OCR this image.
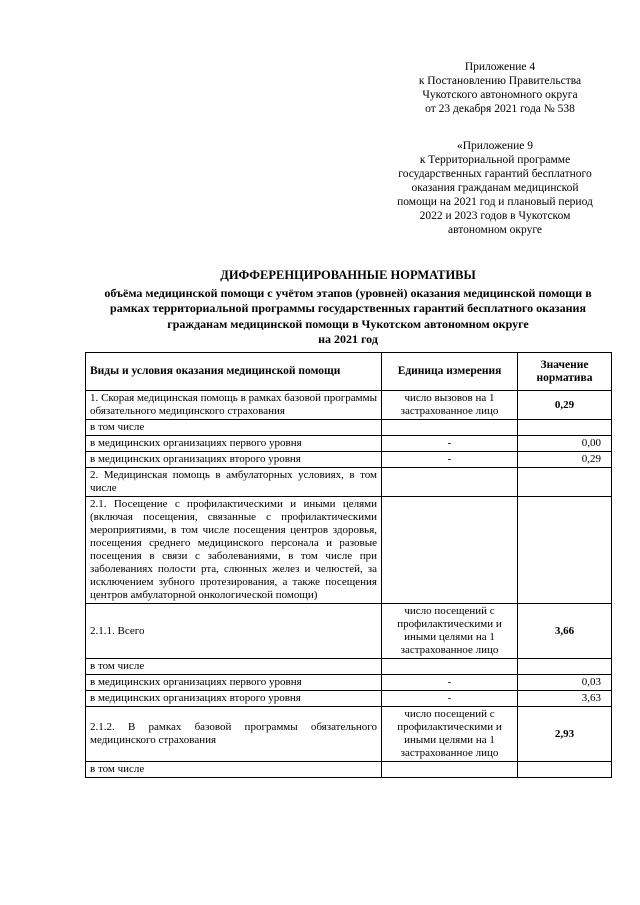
Приложение 4
к Постановлению Правительства
Чукотского автономного округа
от 23 декабря 2021 года № 538
«Приложение 9
к Территориальной программе
государственных гарантий бесплатного
оказания гражданам медицинской
помощи на 2021 год и плановый период
2022 и 2023 годов в Чукотском
автономном округе
ДИФФЕРЕНЦИРОВАННЫЕ НОРМАТИВЫ
объёма медицинской помощи с учётом этапов (уровней) оказания медицинской помощи в
рамках территориальной программы государственных гарантий бесплатного оказания
гражданам медицинской помощи в Чукотском автономном округе
на 2021 год
Виды и условия оказания медицинской помощи	Единица измерения	Значение норматива
1. Скорая медицинская помощь в рамках базовой программы обязательного медицинского страхования	число вызовов на 1 застрахованное лицо	0,29
в том числе		
в медицинских организациях первого уровня	-	0,00
в медицинских организациях второго уровня	-	0,29
2. Медицинская помощь в амбулаторных условиях, в том числе		
2.1. Посещение с профилактическими и иными целями (включая посещения, связанные с профилактическими мероприятиями, в том числе посещения центров здоровья, посещения среднего медицинского персонала и разовые посещения в связи с заболеваниями, в том числе при заболеваниях полости рта, слюнных желез и челюстей, за исключением зубного протезирования, а также посещения центров амбулаторной онкологической помощи)		
2.1.1. Всего	число посещений с профилактическими и иными целями на 1 застрахованное лицо	3,66
в том числе		
в медицинских организациях первого уровня	-	0,03
в медицинских организациях второго уровня	-	3,63
2.1.2. В рамках базовой программы обязательного медицинского страхования	число посещений с профилактическими и иными целями на 1 застрахованное лицо	2,93
в том числе		
